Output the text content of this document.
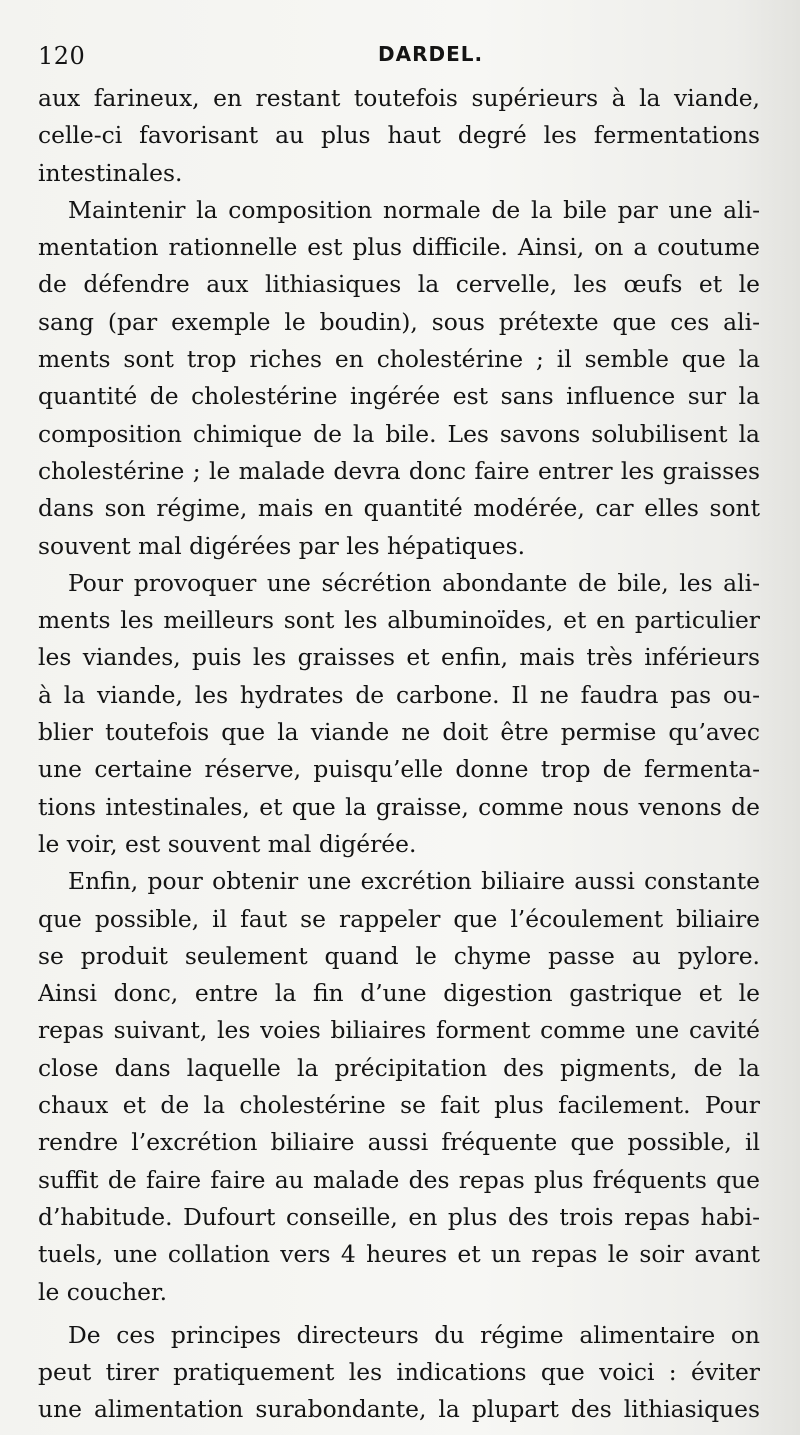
120	DARDEL.
aux farineux, en restant toutefois supérieurs à la viande,
celle-ci favorisant au plus haut degré les fermentations
intestinales.
Maintenir la composition normale de la bile par une ali-
mentation rationnelle est plus difficile. Ainsi, on a coutume
de défendre aux lithiasiques la cervelle, les œufs et le
sang (par exemple le boudin), sous prétexte que ces ali-
ments sont trop riches en cholestérine ; il semble que la
quantité de cholestérine ingérée est sans influence sur la
composition chimique de la bile. Les savons solubilisent la
cholestérine ; le malade devra donc faire entrer les graisses
dans son régime, mais en quantité modérée, car elles sont
souvent mal digérées par les hépatiques.
Pour provoquer une sécrétion abondante de bile, les ali-
ments les meilleurs sont les albuminoïdes, et en particulier
les viandes, puis les graisses et enfin, mais très inférieurs
à la viande, les hydrates de carbone. Il ne faudra pas ou-
blier toutefois que la viande ne doit être permise qu’avec
une certaine réserve, puisqu’elle donne trop de fermenta-
tions intestinales, et que la graisse, comme nous venons de
le voir, est souvent mal digérée.
Enfin, pour obtenir une excrétion biliaire aussi constante
que possible, il faut se rappeler que l’écoulement biliaire
se produit seulement quand le chyme passe au pylore.
Ainsi donc, entre la fin d’une digestion gastrique et le
repas suivant, les voies biliaires forment comme une cavité
close dans laquelle la précipitation des pigments, de la
chaux et de la cholestérine se fait plus facilement. Pour
rendre l’excrétion biliaire aussi fréquente que possible, il
suffit de faire faire au malade des repas plus fréquents que
d’habitude. Dufourt conseille, en plus des trois repas habi-
tuels, une collation vers 4 heures et un repas le soir avant
le coucher.
De ces principes directeurs du régime alimentaire on
peut tirer pratiquement les indications que voici : éviter
une alimentation surabondante, la plupart des lithiasiques
